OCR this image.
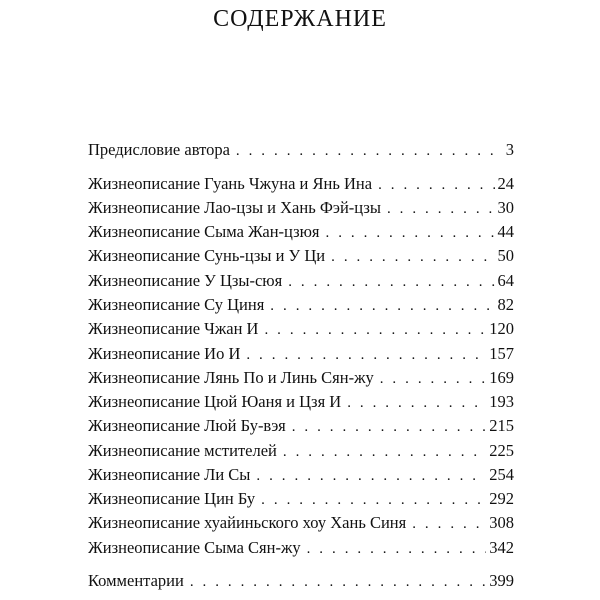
СОДЕРЖАНИЕ
Предисловие автора . . .	3
Жизнеописание Гуань Чжуна и Янь Ина . . .	24
Жизнеописание Лао-цзы и Хань Фэй-цзы . . .	30
Жизнеописание Сыма Жан-цзюя . . .	44
Жизнеописание Сунь-цзы и У Ци . . .	50
Жизнеописание У Цзы-сюя . . .	64
Жизнеописание Су Циня . . .	82
Жизнеописание Чжан И . . .	120
Жизнеописание Ио И . . .	157
Жизнеописание Лянь По и Линь Сян-жу . . .	169
Жизнеописание Цюй Юаня и Цзя И . . .	193
Жизнеописание Люй Бу-вэя . . .	215
Жизнеописание мстителей . . .	225
Жизнеописание Ли Сы . . .	254
Жизнеописание Цин Бу . . .	292
Жизнеописание хуайиньского хоу Хань Синя . . .	308
Жизнеописание Сыма Сян-жу . . .	342
Комментарии . . .	399
